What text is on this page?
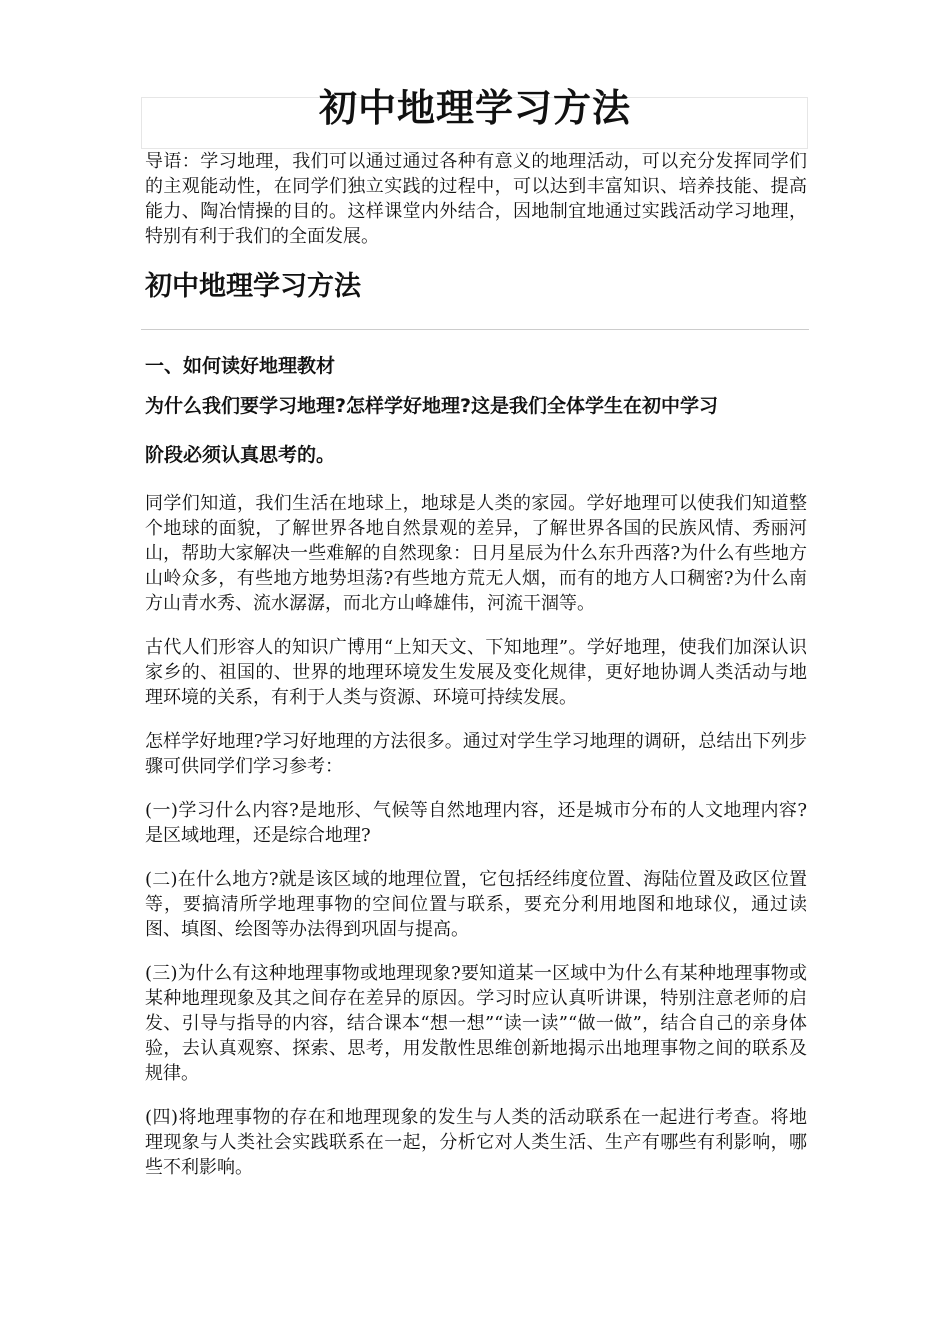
初中地理学习方法

导语：学习地理，我们可以通过通过各种有意义的地理活动，可以充分发挥同学们的主观能动性，在同学们独立实践的过程中，可以达到丰富知识、培养技能、提高能力、陶冶情操的目的。这样课堂内外结合，因地制宜地通过实践活动学习地理，特别有利于我们的全面发展。

初中地理学习方法

一、如何读好地理教材

为什么我们要学习地理?怎样学好地理?这是我们全体学生在初中学习

阶段必须认真思考的。

同学们知道，我们生活在地球上，地球是人类的家园。学好地理可以使我们知道整个地球的面貌，了解世界各地自然景观的差异，了解世界各国的民族风情、秀丽河山，帮助大家解决一些难解的自然现象：日月星辰为什么东升西落?为什么有些地方山岭众多，有些地方地势坦荡?有些地方荒无人烟，而有的地方人口稠密?为什么南方山青水秀、流水潺潺，而北方山峰雄伟，河流干涸等。

古代人们形容人的知识广博用“上知天文、下知地理”。学好地理，使我们加深认识家乡的、祖国的、世界的地理环境发生发展及变化规律，更好地协调人类活动与地理环境的关系，有利于人类与资源、环境可持续发展。

怎样学好地理?学习好地理的方法很多。通过对学生学习地理的调研，总结出下列步骤可供同学们学习参考：

(一)学习什么内容?是地形、气候等自然地理内容，还是城市分布的人文地理内容?是区域地理，还是综合地理?

(二)在什么地方?就是该区域的地理位置，它包括经纬度位置、海陆位置及政区位置等，要搞清所学地理事物的空间位置与联系，要充分利用地图和地球仪，通过读图、填图、绘图等办法得到巩固与提高。

(三)为什么有这种地理事物或地理现象?要知道某一区域中为什么有某种地理事物或某种地理现象及其之间存在差异的原因。学习时应认真听讲课，特别注意老师的启发、引导与指导的内容，结合课本“想一想”“读一读”“做一做”，结合自己的亲身体验，去认真观察、探索、思考，用发散性思维创新地揭示出地理事物之间的联系及规律。

(四)将地理事物的存在和地理现象的发生与人类的活动联系在一起进行考查。将地理现象与人类社会实践联系在一起，分析它对人类生活、生产有哪些有利影响，哪些不利影响。
